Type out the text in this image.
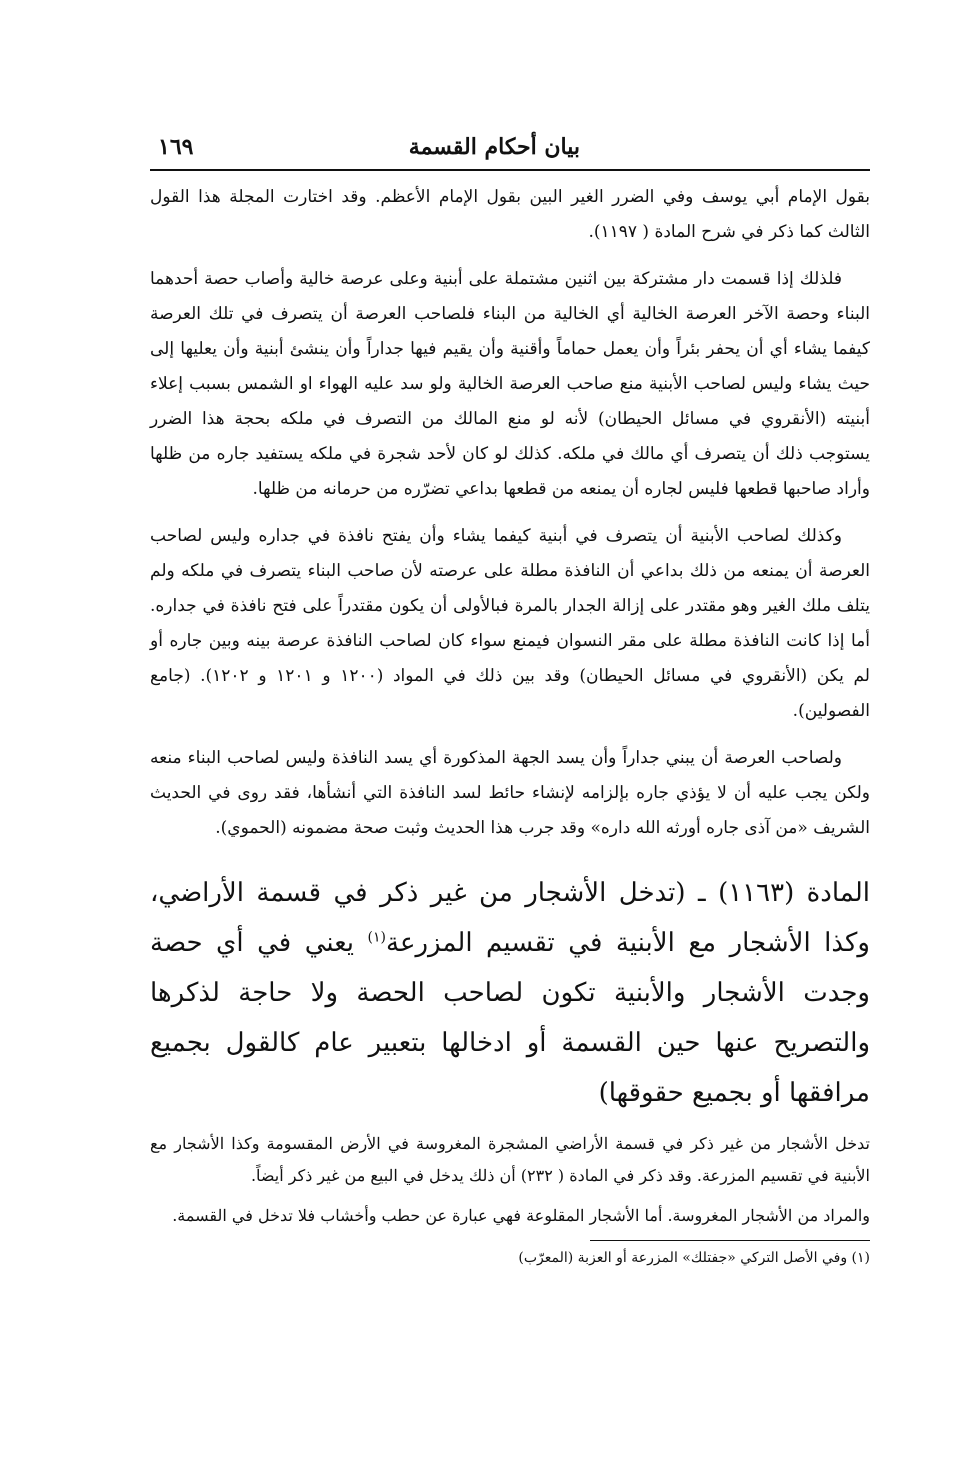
بيان أحكام القسمة
١٦٩

بقول الإمام أبي يوسف وفي الضرر الغير البين بقول الإمام الأعظم. وقد اختارت المجلة هذا القول الثالث كما ذكر في شرح المادة ( ١١٩٧).

فلذلك إذا قسمت دار مشتركة بين اثنين مشتملة على أبنية وعلى عرصة خالية وأصاب حصة أحدهما البناء وحصة الآخر العرصة الخالية أي الخالية من البناء فلصاحب العرصة أن يتصرف في تلك العرصة كيفما يشاء أي أن يحفر بئراً وأن يعمل حماماً وأقنية وأن يقيم فيها جداراً وأن ينشئ أبنية وأن يعليها إلى حيث يشاء وليس لصاحب الأبنية منع صاحب العرصة الخالية ولو سد عليه الهواء او الشمس بسبب إعلاء أبنيته (الأنقروي في مسائل الحيطان) لأنه لو منع المالك من التصرف في ملكه بحجة هذا الضرر يستوجب ذلك أن يتصرف أي مالك في ملكه. كذلك لو كان لأحد شجرة في ملكه يستفيد جاره من ظلها وأراد صاحبها قطعها فليس لجاره أن يمنعه من قطعها بداعي تضرّره من حرمانه من ظلها.

وكذلك لصاحب الأبنية أن يتصرف في أبنية كيفما يشاء وأن يفتح نافذة في جداره وليس لصاحب العرصة أن يمنعه من ذلك بداعي أن النافذة مطلة على عرصته لأن صاحب البناء يتصرف في ملكه ولم يتلف ملك الغير وهو مقتدر على إزالة الجدار بالمرة فبالأولى أن يكون مقتدراً على فتح نافذة في جداره. أما إذا كانت النافذة مطلة على مقر النسوان فيمنع سواء كان لصاحب النافذة عرصة بينه وبين جاره أو لم يكن (الأنقروي في مسائل الحيطان) وقد بين ذلك في المواد (١٢٠٠ و ١٢٠١ و ١٢٠٢). (جامع الفصولين).

ولصاحب العرصة أن يبني جداراً وأن يسد الجهة المذكورة أي يسد النافذة وليس لصاحب البناء منعه ولكن يجب عليه أن لا يؤذي جاره بإلزامه لإنشاء حائط لسد النافذة التي أنشأها، فقد روى في الحديث الشريف «من آذى جاره أورثه الله داره» وقد جرب هذا الحديث وثبت صحة مضمونه (الحموي).

المادة (١١٦٣) ـ (تدخل الأشجار من غير ذكر في قسمة الأراضي، وكذا الأشجار مع الأبنية في تقسيم المزرعة$^{(١)}$ يعني في أي حصة وجدت الأشجار والأبنية تكون لصاحب الحصة ولا حاجة لذكرها والتصريح عنها حين القسمة أو ادخالها بتعبير عام كالقول بجميع مرافقها أو بجميع حقوقها)

تدخل الأشجار من غير ذكر في قسمة الأراضي المشجرة المغروسة في الأرض المقسومة وكذا الأشجار مع الأبنية في تقسيم المزرعة. وقد ذكر في المادة ( ٢٣٢) أن ذلك يدخل في البيع من غير ذكر أيضاً.

والمراد من الأشجار المغروسة. أما الأشجار المقلوعة فهي عبارة عن حطب وأخشاب فلا تدخل في القسمة.

(١) وفي الأصل التركي «جفتلك» المزرعة أو العزبة (المعرّب)
